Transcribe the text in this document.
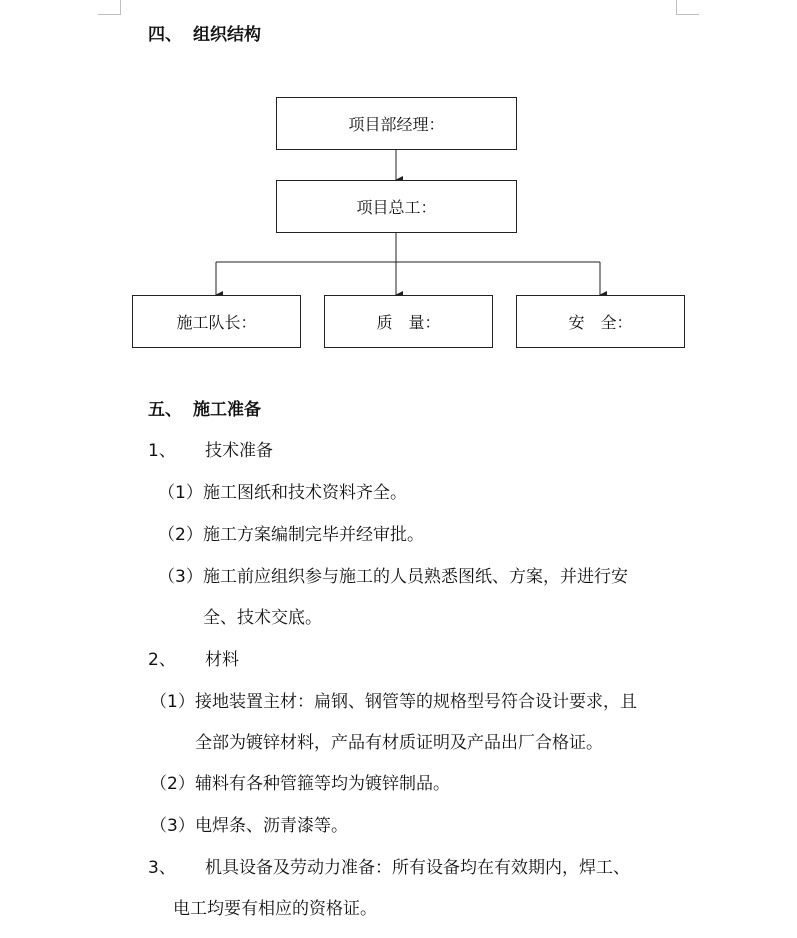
四、 组织结构
项目部经理：
项目总工：
施工队长：	质　量：	安　全：
五、 施工准备
1、 技术准备
（1） 施工图纸和技术资料齐全。
（2） 施工方案编制完毕并经审批。
（3） 施工前应组织参与施工的人员熟悉图纸、方案，并进行安
全、技术交底。
2、 材料
（1） 接地装置主材：扁钢、钢管等的规格型号符合设计要求，且
全部为镀锌材料，产品有材质证明及产品出厂合格证。
（2） 辅料有各种管箍等均为镀锌制品。
（3） 电焊条、沥青漆等。
3、 机具设备及劳动力准备：所有设备均在有效期内，焊工、
电工均要有相应的资格证。
